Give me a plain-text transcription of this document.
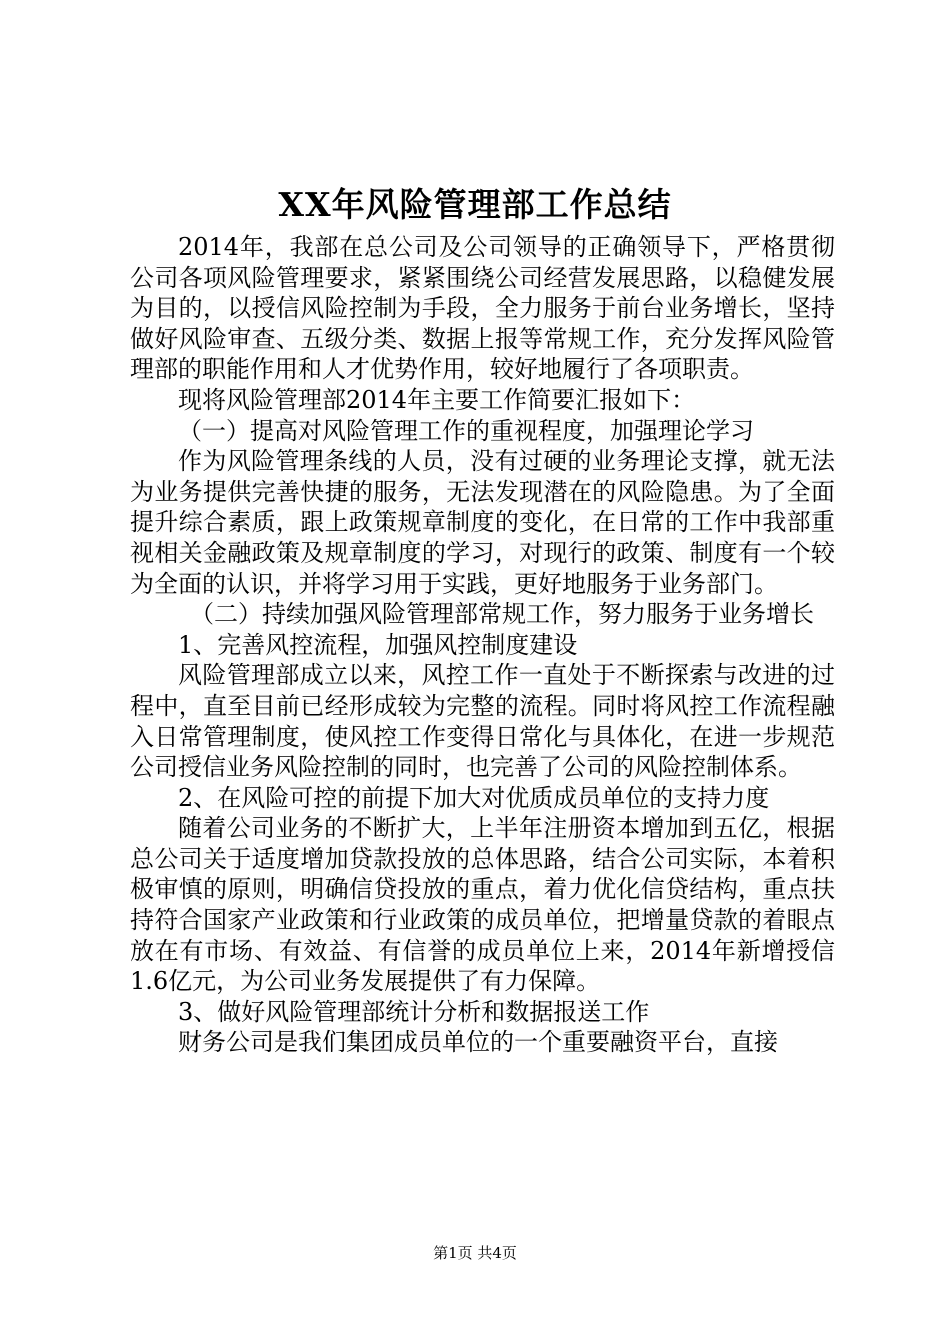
XX年风险管理部工作总结

2014年，我部在总公司及公司领导的正确领导下，严格贯彻公司各项风险管理要求，紧紧围绕公司经营发展思路，以稳健发展为目的，以授信风险控制为手段，全力服务于前台业务增长，坚持做好风险审查、五级分类、数据上报等常规工作，充分发挥风险管理部的职能作用和人才优势作用，较好地履行了各项职责。

现将风险管理部2014年主要工作简要汇报如下：

（一）提高对风险管理工作的重视程度，加强理论学习

作为风险管理条线的人员，没有过硬的业务理论支撑，就无法为业务提供完善快捷的服务，无法发现潜在的风险隐患。为了全面提升综合素质，跟上政策规章制度的变化，在日常的工作中我部重视相关金融政策及规章制度的学习，对现行的政策、制度有一个较为全面的认识，并将学习用于实践，更好地服务于业务部门。

（二）持续加强风险管理部常规工作，努力服务于业务增长

1、完善风控流程，加强风控制度建设

风险管理部成立以来，风控工作一直处于不断探索与改进的过程中，直至目前已经形成较为完整的流程。同时将风控工作流程融入日常管理制度，使风控工作变得日常化与具体化，在进一步规范公司授信业务风险控制的同时，也完善了公司的风险控制体系。

2、在风险可控的前提下加大对优质成员单位的支持力度

随着公司业务的不断扩大，上半年注册资本增加到五亿，根据总公司关于适度增加贷款投放的总体思路，结合公司实际，本着积极审慎的原则，明确信贷投放的重点，着力优化信贷结构，重点扶持符合国家产业政策和行业政策的成员单位，把增量贷款的着眼点放在有市场、有效益、有信誉的成员单位上来，2014年新增授信1.6亿元，为公司业务发展提供了有力保障。

3、做好风险管理部统计分析和数据报送工作

财务公司是我们集团成员单位的一个重要融资平台，直接

第1页 共4页
